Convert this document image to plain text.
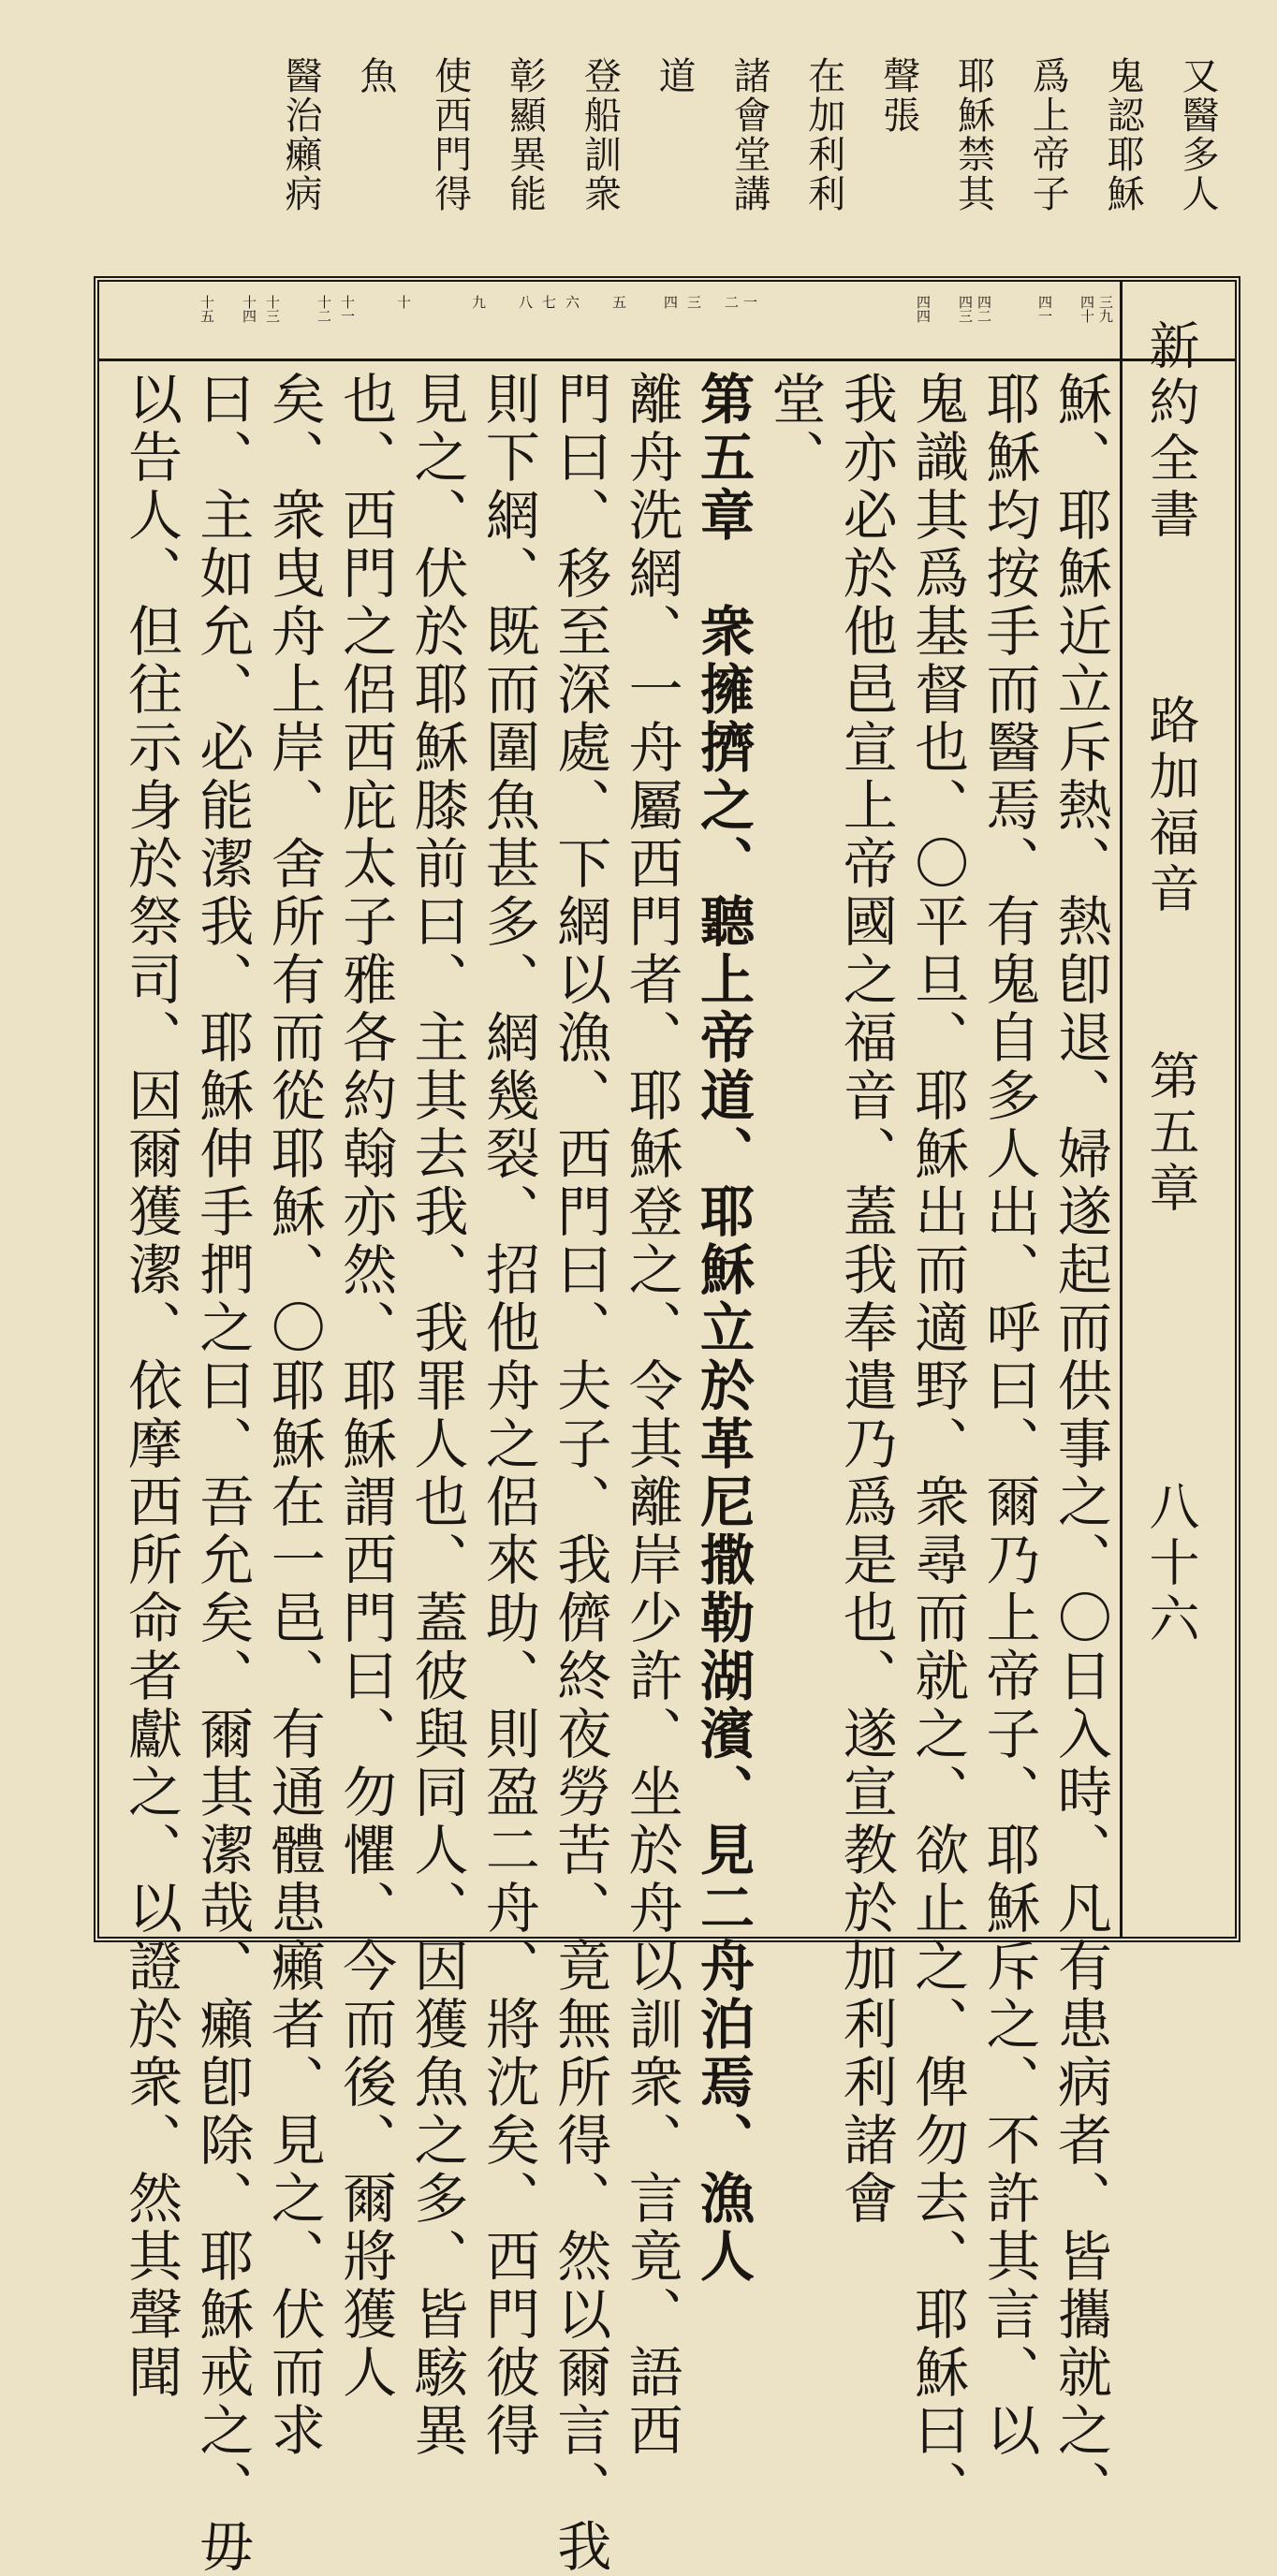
又醫多人
鬼認耶穌
爲上帝子
耶穌禁其
聲張
在加利利
諸會堂講
道
登船訓衆
彰顯異能
使西門得
魚
醫治癩病
三九
四十
四一
四二
四三
四四
一
二
三
四
五
六
七
八
九
十
十一
十二
十三
十四
十五
新約全書
路加福音
第五章
八十六
穌、耶穌近立斥熱、熱卽退、婦遂起而供事之、〇日入時、凡有患病者、皆攜就之、
耶穌均按手而醫焉、有鬼自多人出、呼曰、爾乃上帝子、耶穌斥之、不許其言、以
鬼識其爲基督也、〇平旦、耶穌出而適野、衆尋而就之、欲止之、俾勿去、耶穌曰、
我亦必於他邑宣上帝國之福音、蓋我奉遣乃爲是也、遂宣教於加利利諸會
堂、
第五章　衆擁擠之、聽上帝道、耶穌立於革尼撒勒湖濱、見二舟泊焉、漁人
離舟洗網、一舟屬西門者、耶穌登之、令其離岸少許、坐於舟以訓衆、言竟、語西
門曰、移至深處、下網以漁、西門曰、夫子、我儕終夜勞苦、竟無所得、然以爾言、我
則下網、既而圍魚甚多、網幾裂、招他舟之侶來助、則盈二舟、將沈矣、西門彼得
見之、伏於耶穌膝前曰、主其去我、我罪人也、蓋彼與同人、因獲魚之多、皆駭異
也、西門之侶西庇太子雅各約翰亦然、耶穌謂西門曰、勿懼、今而後、爾將獲人
矣、衆曳舟上岸、舍所有而從耶穌、〇耶穌在一邑、有通體患癩者、見之、伏而求
曰、主如允、必能潔我、耶穌伸手捫之曰、吾允矣、爾其潔哉、癩卽除、耶穌戒之、毋
以告人、但往示身於祭司、因爾獲潔、依摩西所命者獻之、以證於衆、然其聲聞
